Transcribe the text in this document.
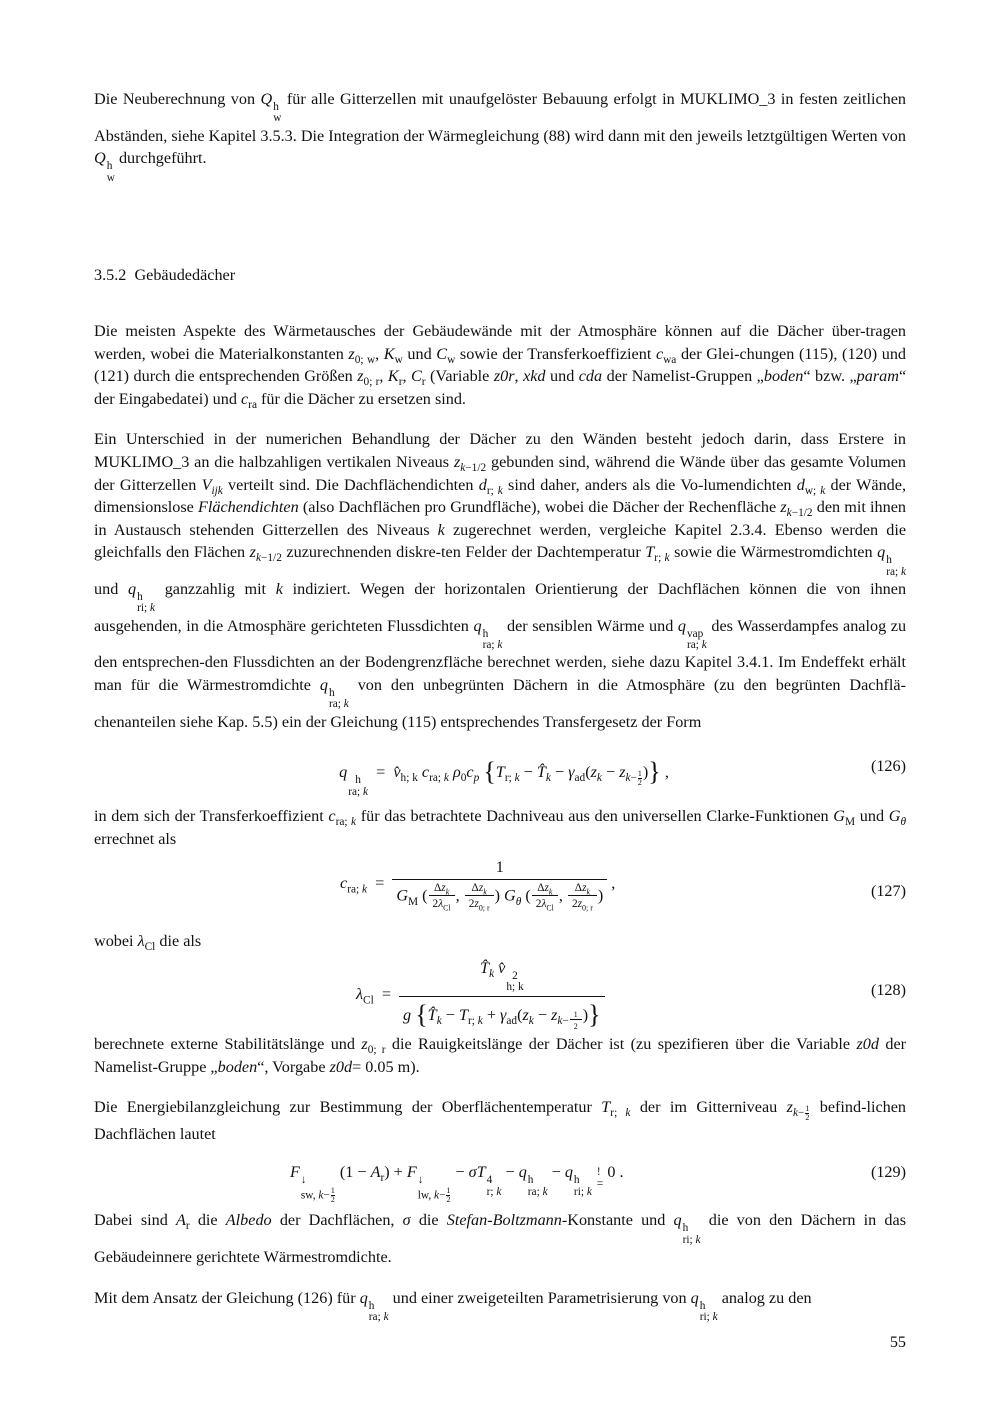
Die Neuberechnung von Q h
w
für alle Gitterzellen mit unaufgelöster Bebauung erfolgt in MUKLIMO_3 in festen zeitlichen Abständen, siehe Kapitel 3.5.3. Die Integration der Wärmegleichung (88) wird dann mit den jeweils letztgültigen Werten von Q h
w
durchgeführt.

3.5.2 Gebäudedächer

Die meisten Aspekte des Wärmetausches der Gebäudewände mit der Atmosphäre können auf die Dächer über-tragen werden, wobei die Materialkonstanten $z_{0; w}$, $K_w$ und $C_w$ sowie der Transferkoeffizient $c_{wa}$ der Glei-chungen (115), (120) und (121) durch die entsprechenden Größen $z_{0; r}$, $K_r$, $C_r$ (Variable z0r, xkd und cda der Namelist-Gruppen „boden“ bzw. „param“ der Eingabedatei) und $c_{ra}$ für die Dächer zu ersetzen sind.

Ein Unterschied in der numerichen Behandlung der Dächer zu den Wänden besteht jedoch darin, dass Erstere in MUKLIMO_3 an die halbzahligen vertikalen Niveaus $z_{k-1/2}$ gebunden sind, während die Wände über das gesamte Volumen der Gitterzellen $V_{ijk}$ verteilt sind. Die Dachflächendichten $d_{r; k}$ sind daher, anders als die Vo-lumendichten $d_{w; k}$ der Wände, dimensionslose Flächendichten (also Dachflächen pro Grundfläche), wobei die Dächer der Rechenfläche $z_{k-1/2}$ den mit ihnen in Austausch stehenden Gitterzellen des Niveaus k zugerechnet werden, vergleiche Kapitel 2.3.4. Ebenso werden die gleichfalls den Flächen $z_{k-1/2}$ zuzurechnenden diskre-ten Felder der Dachtemperatur $T_{r; k}$ sowie die Wärmestromdichten q h
ra; k
und q h
ri; k
ganzzahlig mit k indiziert. Wegen der horizontalen Orientierung der Dachflächen können die von ihnen ausgehenden, in die Atmosphäre gerichteten Flussdichten q h
ra; k
der sensiblen Wärme und q vap
ra; k
des Wasserdampfes analog zu den entsprechen-den Flussdichten an der Bodengrenzfläche berechnet werden, siehe dazu Kapitel 3.4.1. Im Endeffekt erhält man für die Wärmestromdichte q h
ra; k
von den unbegrünten Dächern in die Atmosphäre (zu den begrünten Dachflä-chenanteilen siehe Kap. 5.5) ein der Gleichung (115) entsprechendes Transfergesetz der Form

q h
ra; k
=  $v̂_{h; k}$ $c_{ra; k}$ $\rho_0c_p$ {$T_{r; k}$ − $T̂_k - \gamma_{ad}(z_k - z_{k- \frac{1}{2}}$ )} ,	(126)

in dem sich der Transferkoeffizient $c_{ra; k}$ für das betrachtete Dachniveau aus den universellen Clarke-Funktionen $G_M$ und $G_\theta$ errechnet als

$c_{ra; k}$  =
1
$G_M$ ( $\Delta z_k$
$2\lambda_{Cl}$
, $\Delta z_k$
$2z_{0; r}$
) $G_\theta$ ( $\Delta z_k$
$2\lambda_{Cl}$
, $\Delta z_k$
$2z_{0; r}$
)
,	(127)

wobei $\lambda_{Cl}$ die als

$\lambda_{Cl}$  = $T̂_k$ v̂ 2
h; k
g {$T̂_k - T_{r; k} + \gamma_{ad}(z_k - z_{k- \frac{1}{2}}$ )}	(128)

berechnete externe Stabilitätslänge und $z_{0; r}$ die Rauigkeitslänge der Dächer ist (zu spezifieren über die Variable z0d der Namelist-Gruppe „boden“, Vorgabe z0d= 0.05 m).

Die Energiebilanzgleichung zur Bestimmung der Oberflächentemperatur $T_{r; k}$ der im Gitterniveau $z_{k- \frac{1}{2}}$ befind-lichen Dachflächen lautet

F ↓
sw, $k- \frac{1}{2}$
$(1 - A_r) + F$ ↓
lw, $k- \frac{1}{2}$
− σT 4
r; k
− q h
ra; k
− q h
ri; k

!
=
0 .	(129)

Dabei sind $A_r$ die Albedo der Dachflächen, σ die Stefan-Boltzmann-Konstante und q h
ri; k
die von den Dächern in das Gebäudeinnere gerichtete Wärmestromdichte.

Mit dem Ansatz der Gleichung (126) für q h
ra; k
und einer zweigeteilten Parametrisierung von q h
ri; k
analog zu den

55
